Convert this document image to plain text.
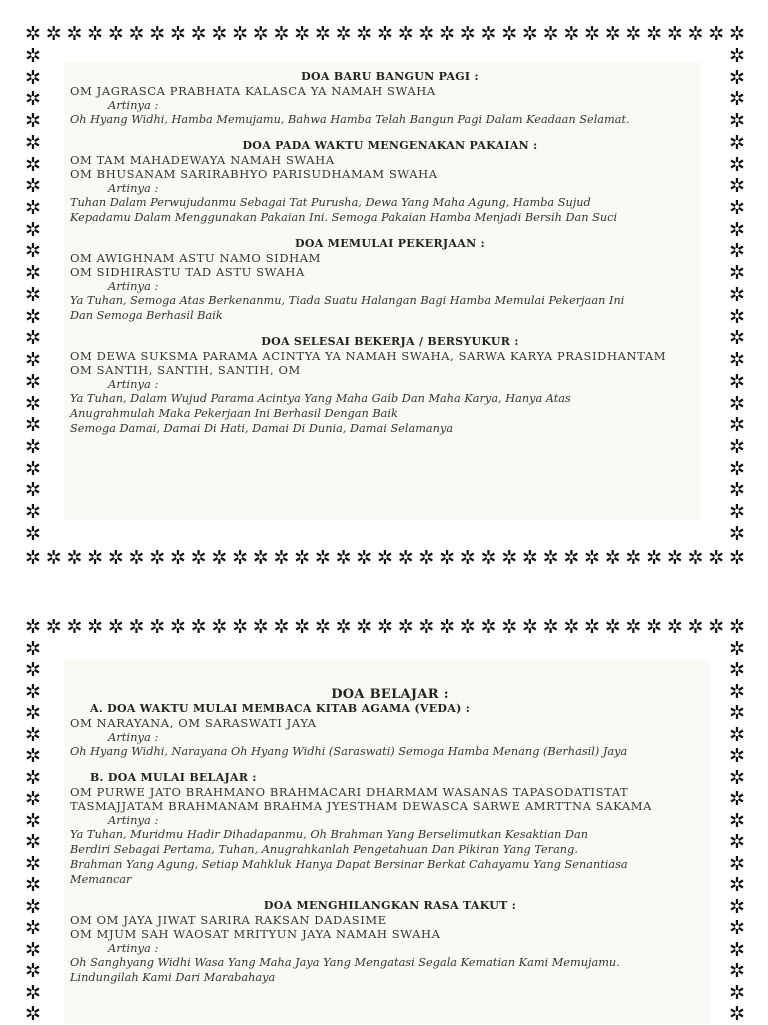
✲ ✲ ✲ ✲ ✲ ✲ ✲ ✲ ✲ ✲ ✲ ✲ ✲ ✲ ✲ ✲ ✲ ✲ ✲ ✲ ✲ ✲ ✲ ✲ ✲ ✲ ✲ ✲ ✲ ✲ ✲ ✲ ✲ ✲ ✲
✲ ✲ ✲ ✲ ✲ ✲ ✲ ✲ ✲ ✲ ✲ ✲ ✲ ✲ ✲ ✲ ✲ ✲ ✲ ✲ ✲ ✲ ✲ ✲ ✲ ✲ ✲ ✲ ✲ ✲ ✲ ✲ ✲ ✲ ✲
✲
✲
✲
✲
✲
✲
✲
✲
✲
✲
✲
✲
✲
✲
✲
✲
✲
✲
✲
✲
✲
✲
✲
✲
✲
✲
✲
✲
✲
✲
✲
✲
✲
✲
✲
✲
✲
✲
✲
✲
✲
✲
✲
✲
✲
✲
DOA BARU BANGUN PAGI :
OM JAGRASCA PRABHATA KALASCA YA NAMAH SWAHA
Artinya :
Oh Hyang Widhi, Hamba Memujamu, Bahwa Hamba Telah Bangun Pagi Dalam Keadaan Selamat.
DOA PADA WAKTU MENGENAKAN PAKAIAN :
OM TAM MAHADEWAYA NAMAH SWAHA
OM BHUSANAM SARIRABHYO PARISUDHAMAM SWAHA
Artinya :
Tuhan Dalam Perwujudanmu Sebagai Tat Purusha, Dewa Yang Maha Agung, Hamba Sujud
Kepadamu Dalam Menggunakan Pakaian Ini. Semoga Pakaian Hamba Menjadi Bersih Dan Suci
DOA MEMULAI PEKERJAAN :
OM AWIGHNAM ASTU NAMO SIDHAM
OM SIDHIRASTU TAD ASTU SWAHA
Artinya :
Ya Tuhan, Semoga Atas Berkenanmu, Tiada Suatu Halangan Bagi Hamba Memulai Pekerjaan Ini
Dan Semoga Berhasil Baik
DOA SELESAI BEKERJA / BERSYUKUR :
OM DEWA SUKSMA PARAMA ACINTYA YA NAMAH SWAHA, SARWA KARYA PRASIDHANTAM
OM SANTIH, SANTIH, SANTIH, OM
Artinya :
Ya Tuhan, Dalam Wujud Parama Acintya Yang Maha Gaib Dan Maha Karya, Hanya Atas
Anugrahmulah Maka Pekerjaan Ini Berhasil Dengan Baik
Semoga Damai, Damai Di Hati, Damai Di Dunia, Damai Selamanya
✲ ✲ ✲ ✲ ✲ ✲ ✲ ✲ ✲ ✲ ✲ ✲ ✲ ✲ ✲ ✲ ✲ ✲ ✲ ✲ ✲ ✲ ✲ ✲ ✲ ✲ ✲ ✲ ✲ ✲ ✲ ✲ ✲ ✲ ✲
✲
✲
✲
✲
✲
✲
✲
✲
✲
✲
✲
✲
✲
✲
✲
✲
✲
✲
✲
✲
✲
✲
✲
✲
✲
✲
✲
✲
✲
✲
✲
✲
✲
✲
✲
✲
DOA BELAJAR :
A. DOA WAKTU MULAI MEMBACA KITAB AGAMA (VEDA) :
OM NARAYANA, OM SARASWATI JAYA
Artinya :
Oh Hyang Widhi, Narayana Oh Hyang Widhi (Saraswati) Semoga Hamba Menang (Berhasil) Jaya
B. DOA MULAI BELAJAR :
OM PURWE JATO BRAHMANO BRAHMACARI DHARMAM WASANAS TAPASODATISTAT
TASMAJJATAM BRAHMANAM BRAHMA JYESTHAM DEWASCA SARWE AMRTTNA SAKAMA
Artinya :
Ya Tuhan, Muridmu Hadir Dihadapanmu, Oh Brahman Yang Berselimutkan Kesaktian Dan
Berdiri Sebagai Pertama, Tuhan, Anugrahkanlah Pengetahuan Dan Pikiran Yang Terang.
Brahman Yang Agung, Setiap Mahkluk Hanya Dapat Bersinar Berkat Cahayamu Yang Senantiasa
Memancar
DOA MENGHILANGKAN RASA TAKUT :
OM OM JAYA JIWAT SARIRA RAKSAN DADASIME
OM MJUM SAH WAOSAT MRITYUN JAYA NAMAH SWAHA
Artinya :
Oh Sanghyang Widhi Wasa Yang Maha Jaya Yang Mengatasi Segala Kematian Kami Memujamu.
Lindungilah Kami Dari Marabahaya
